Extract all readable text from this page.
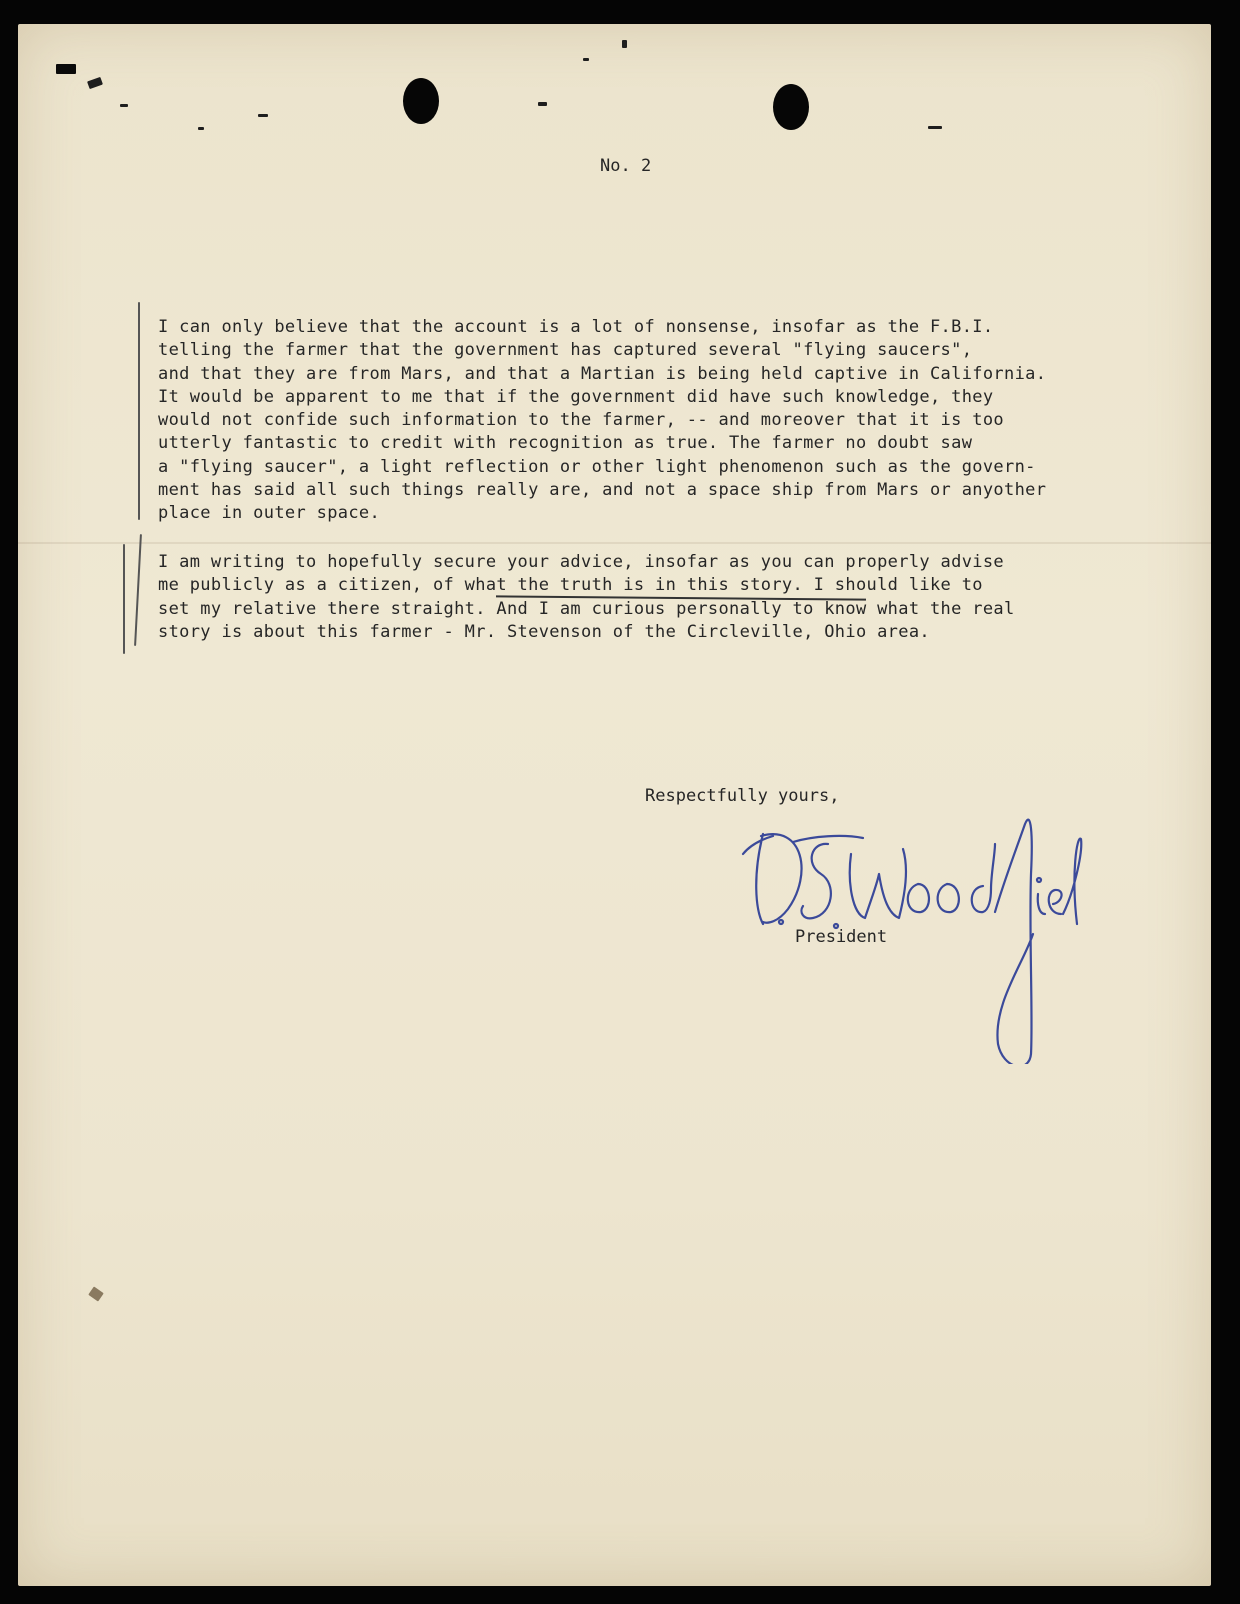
No. 2
I can only believe that the account is a lot of nonsense, insofar as the F.B.I.
telling the farmer that the government has captured several "flying saucers",
and that they are from Mars, and that a Martian is being held captive in California.
It would be apparent to me that if the government did have such knowledge, they
would not confide such information to the farmer, -- and moreover that it is too
utterly fantastic to credit with recognition as true. The farmer no doubt saw
a "flying saucer", a light reflection or other light phenomenon such as the govern-
ment has said all such things really are, and not a space ship from Mars or anyother
place in outer space.
I am writing to hopefully secure your advice, insofar as you can properly advise
me publicly as a citizen, of what the truth is in this story. I should like to
set my relative there straight. And I am curious personally to know what the real
story is about this farmer - Mr. Stevenson of the Circleville, Ohio area.
Respectfully yours,
President
